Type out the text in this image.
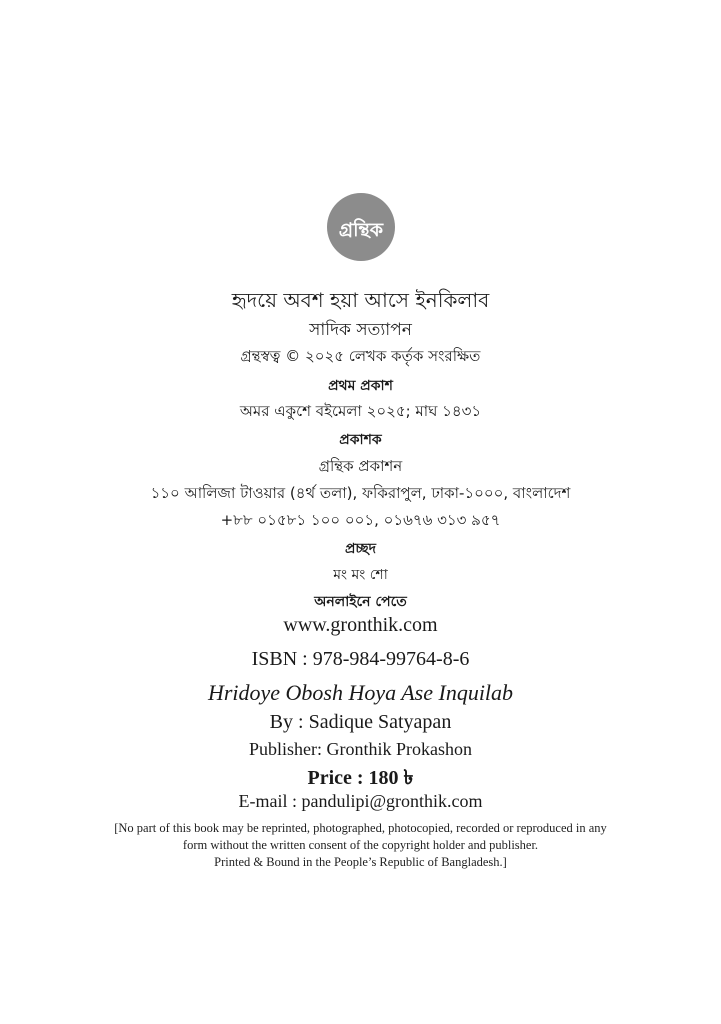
গ্রন্থিক
হৃদয়ে অবশ হয়া আসে ইনকিলাব
সাদিক সত্যাপন
গ্রন্থস্বত্ব © ২০২৫ লেখক কর্তৃক সংরক্ষিত
প্রথম প্রকাশ
অমর একুশে বইমেলা ২০২৫; মাঘ ১৪৩১
প্রকাশক
গ্রন্থিক প্রকাশন
১১০ আলিজা টাওয়ার (৪র্থ তলা), ফকিরাপুল, ঢাকা-১০০০, বাংলাদেশ
+৮৮ ০১৫৮১ ১০০ ০০১, ০১৬৭৬ ৩১৩ ৯৫৭
প্রচ্ছদ
মং মং শো
অনলাইনে পেতে
www.gronthik.com
ISBN : 978-984-99764-8-6
Hridoye Obosh Hoya Ase Inquilab
By : Sadique Satyapan
Publisher: Gronthik Prokashon
Price : 180 ৳
E-mail : pandulipi@gronthik.com
[No part of this book may be reprinted, photographed, photocopied, recorded or reproduced in any
form without the written consent of the copyright holder and publisher.
Printed & Bound in the People’s Republic of Bangladesh.]
